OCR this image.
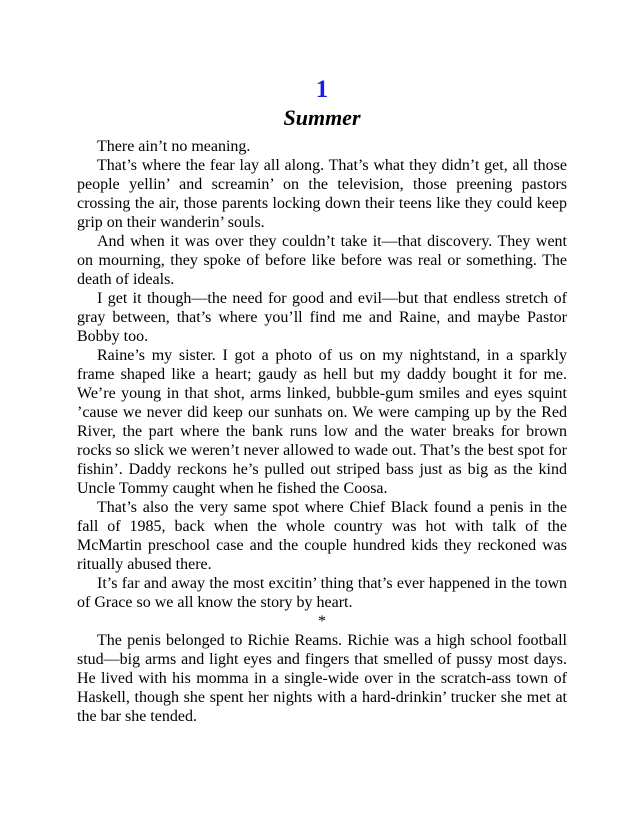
1
Summer

There ain’t no meaning.

That’s where the fear lay all along. That’s what they didn’t get, all those people yellin’ and screamin’ on the television, those preening pastors crossing the air, those parents locking down their teens like they could keep grip on their wanderin’ souls.

And when it was over they couldn’t take it—that discovery. They went on mourning, they spoke of before like before was real or something. The death of ideals.

I get it though—the need for good and evil—but that endless stretch of gray between, that’s where you’ll find me and Raine, and maybe Pastor Bobby too.

Raine’s my sister. I got a photo of us on my nightstand, in a sparkly frame shaped like a heart; gaudy as hell but my daddy bought it for me. We’re young in that shot, arms linked, bubble-gum smiles and eyes squint ’cause we never did keep our sunhats on. We were camping up by the Red River, the part where the bank runs low and the water breaks for brown rocks so slick we weren’t never allowed to wade out. That’s the best spot for fishin’. Daddy reckons he’s pulled out striped bass just as big as the kind Uncle Tommy caught when he fished the Coosa.

That’s also the very same spot where Chief Black found a penis in the fall of 1985, back when the whole country was hot with talk of the McMartin preschool case and the couple hundred kids they reckoned was ritually abused there.

It’s far and away the most excitin’ thing that’s ever happened in the town of Grace so we all know the story by heart.

*

The penis belonged to Richie Reams. Richie was a high school football stud—big arms and light eyes and fingers that smelled of pussy most days. He lived with his momma in a single-wide over in the scratch-ass town of Haskell, though she spent her nights with a hard-drinkin’ trucker she met at the bar she tended.
